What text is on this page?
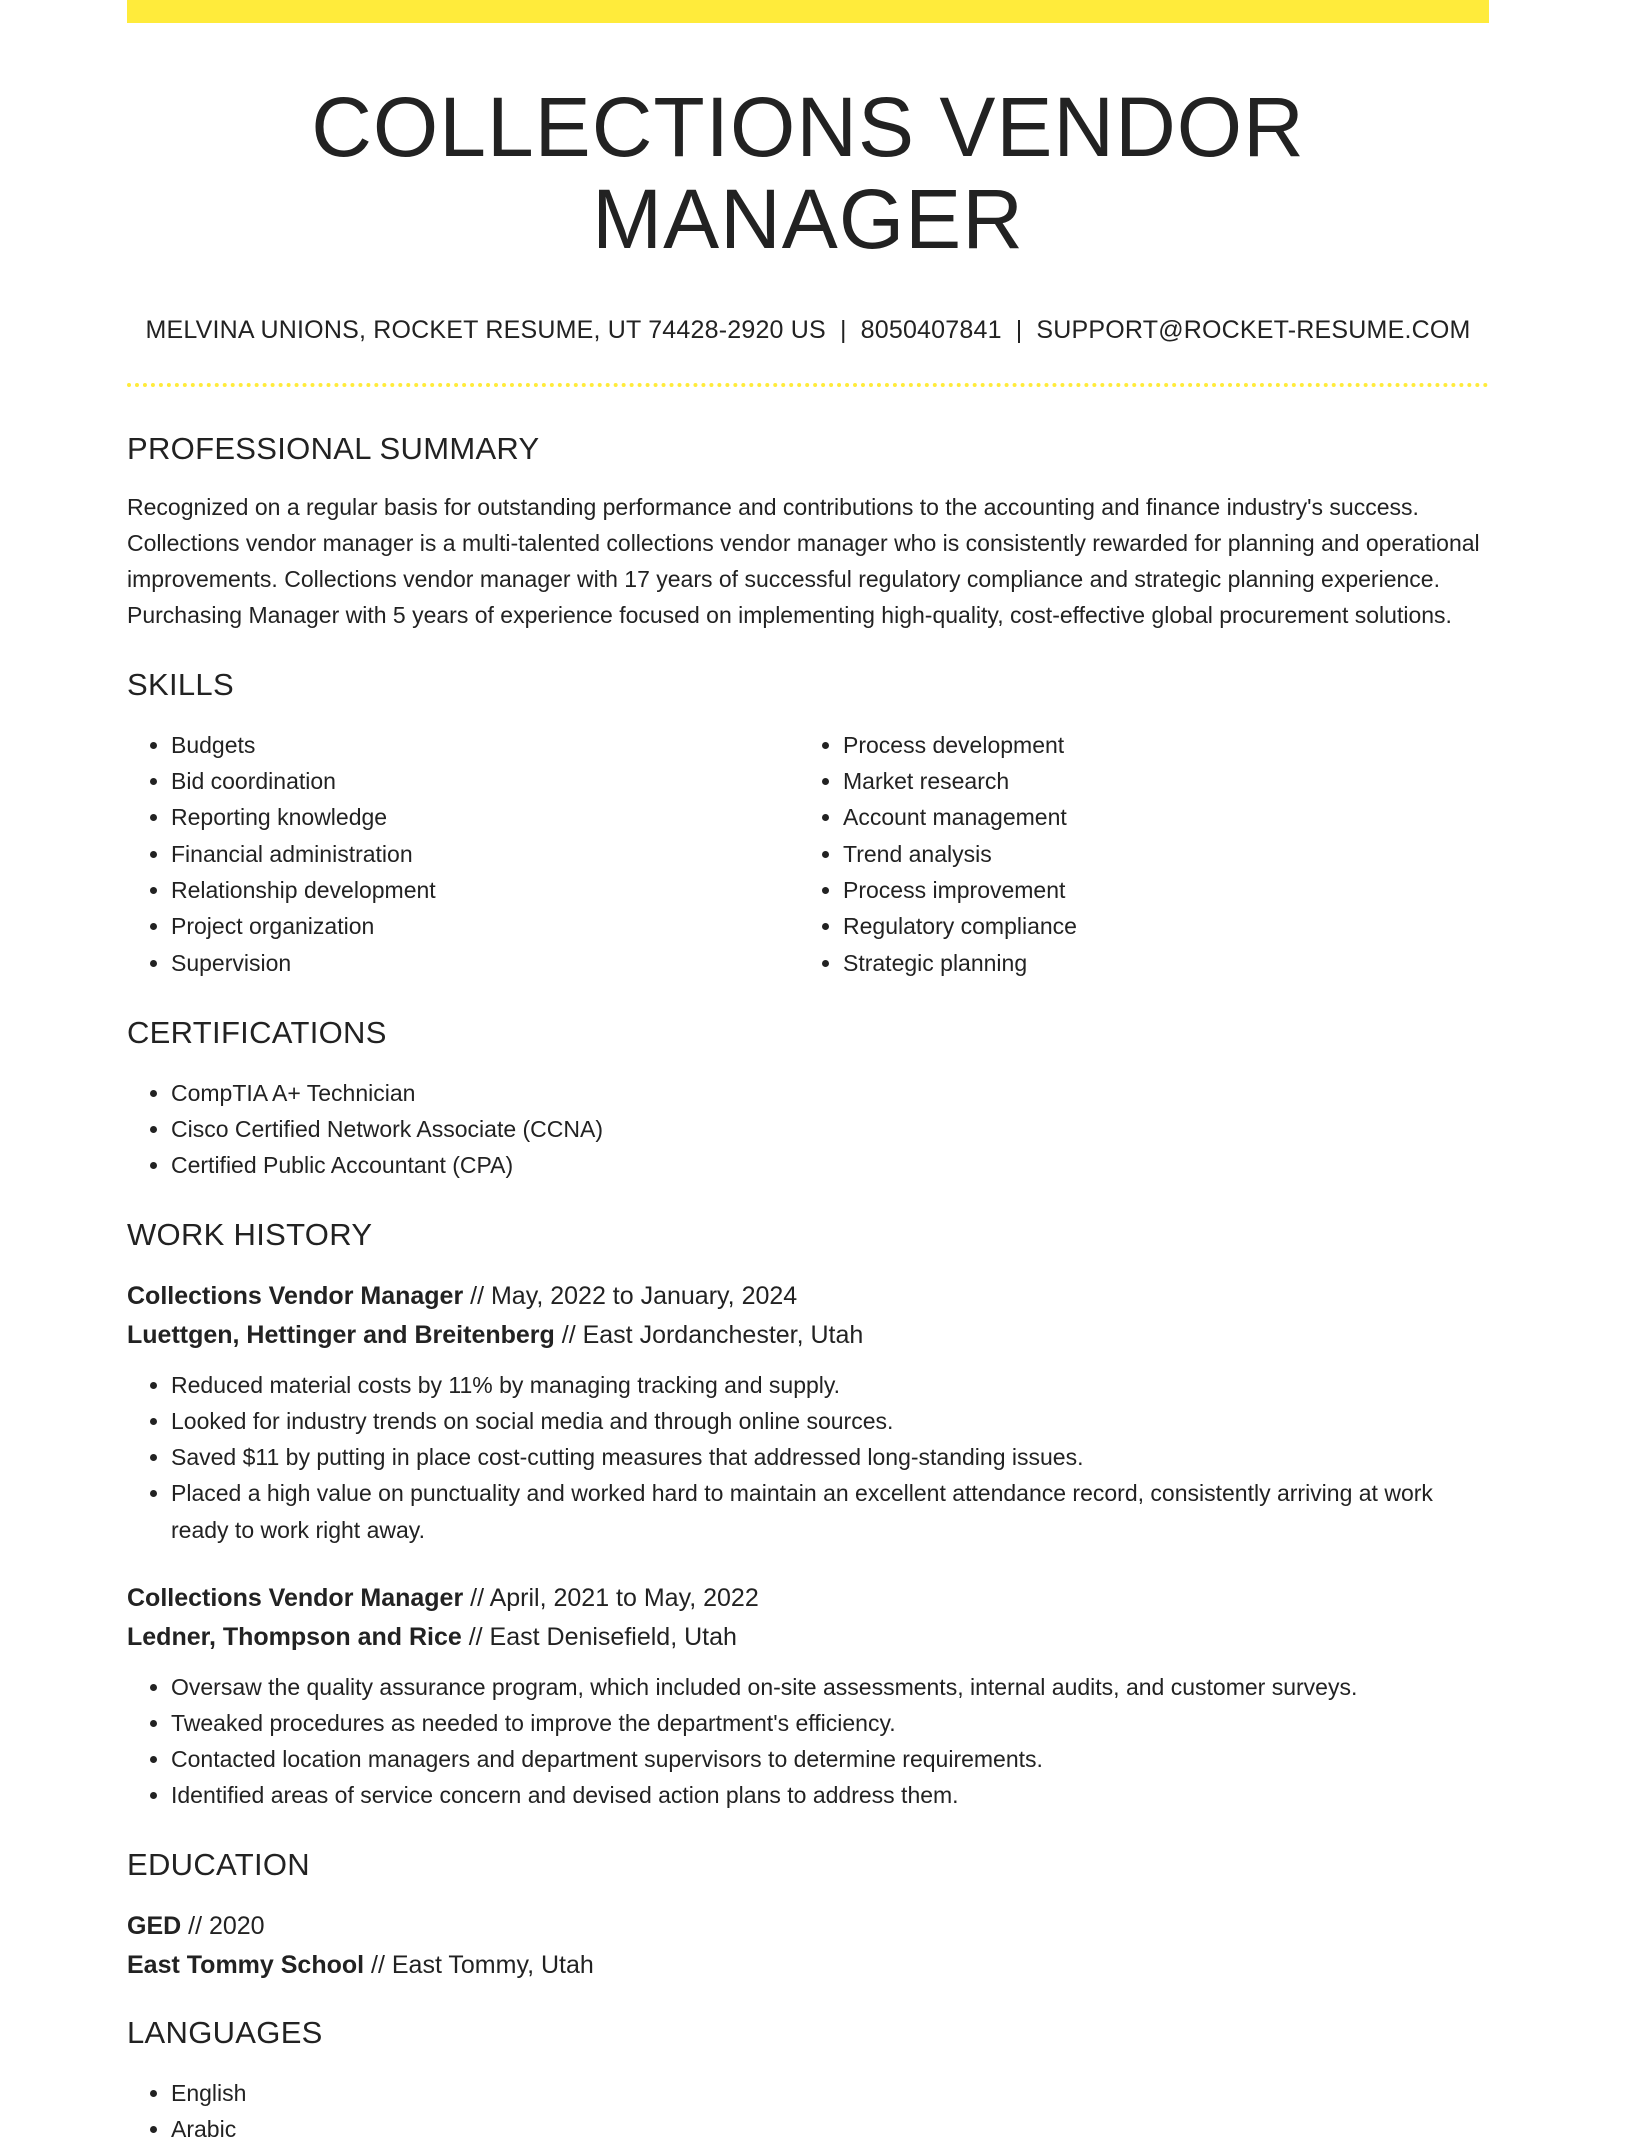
COLLECTIONS VENDOR MANAGER
MELVINA UNIONS, ROCKET RESUME, UT 74428-2920 US | 8050407841 | SUPPORT@ROCKET-RESUME.COM
PROFESSIONAL SUMMARY
Recognized on a regular basis for outstanding performance and contributions to the accounting and finance industry's success. Collections vendor manager is a multi-talented collections vendor manager who is consistently rewarded for planning and operational improvements. Collections vendor manager with 17 years of successful regulatory compliance and strategic planning experience. Purchasing Manager with 5 years of experience focused on implementing high-quality, cost-effective global procurement solutions.
SKILLS
• Budgets
• Bid coordination
• Reporting knowledge
• Financial administration
• Relationship development
• Project organization
• Supervision
• Process development
• Market research
• Account management
• Trend analysis
• Process improvement
• Regulatory compliance
• Strategic planning
CERTIFICATIONS
• CompTIA A+ Technician
• Cisco Certified Network Associate (CCNA)
• Certified Public Accountant (CPA)
WORK HISTORY
Collections Vendor Manager // May, 2022 to January, 2024
Luettgen, Hettinger and Breitenberg // East Jordanchester, Utah
• Reduced material costs by 11% by managing tracking and supply.
• Looked for industry trends on social media and through online sources.
• Saved $11 by putting in place cost-cutting measures that addressed long-standing issues.
• Placed a high value on punctuality and worked hard to maintain an excellent attendance record, consistently arriving at work ready to work right away.
Collections Vendor Manager // April, 2021 to May, 2022
Ledner, Thompson and Rice // East Denisefield, Utah
• Oversaw the quality assurance program, which included on-site assessments, internal audits, and customer surveys.
• Tweaked procedures as needed to improve the department's efficiency.
• Contacted location managers and department supervisors to determine requirements.
• Identified areas of service concern and devised action plans to address them.
EDUCATION
GED // 2020
East Tommy School // East Tommy, Utah
LANGUAGES
• English
• Arabic
